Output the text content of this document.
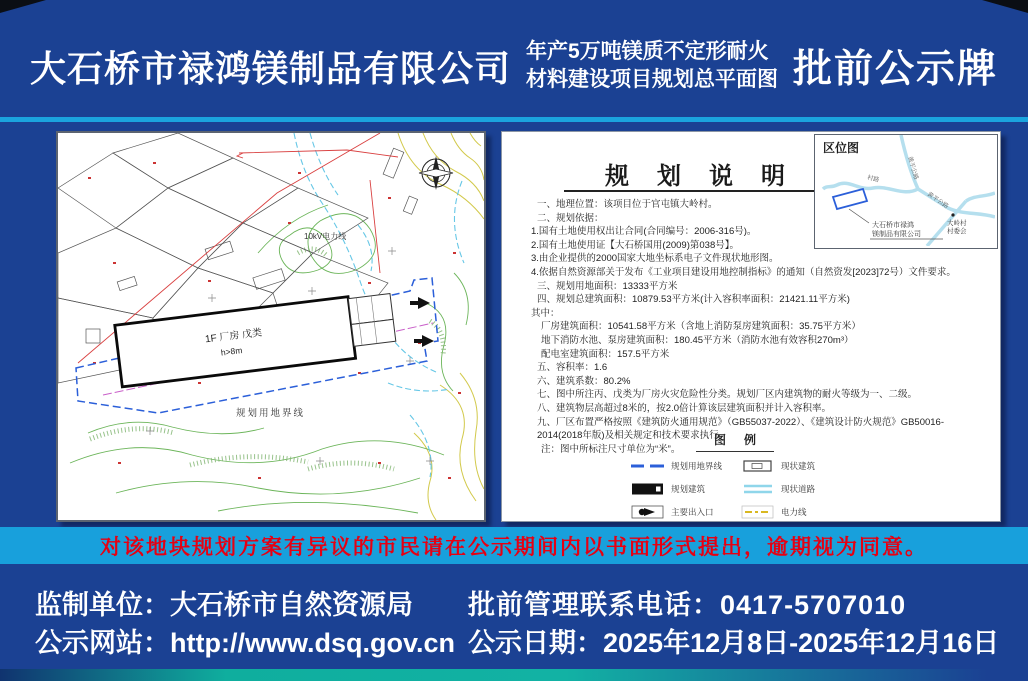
大石桥市禄鸿镁制品有限公司 年产5万吨镁质不定形耐火
材料建设项目规划总平面图 批前公示牌
1F 厂房 戊类
h>8m
10kV电力线
规划用地界线
规划说明
一、地理位置：该项目位于官屯镇大岭村。
二、规划依据：
1.国有土地使用权出让合同(合同编号：2006-316号)。
2.国有土地使用证【大石桥国用(2009)第038号】。
3.由企业提供的2000国家大地坐标系电子文件现状地形图。
4.依据自然资源部关于发布《工业项目建设用地控制指标》的通知（自然资发[2023]72号）文件要求。
三、规划用地面积：13333平方米
四、规划总建筑面积：10879.53平方米(计入容积率面积：21421.11平方米)
其中：
厂房建筑面积：10541.58平方米（含地上消防泵房建筑面积：35.75平方米）
地下消防水池、泵房建筑面积：180.45平方米（消防水池有效容积270m³）
配电室建筑面积：157.5平方米
五、容积率：1.6
六、建筑系数：80.2%
七、图中所注丙、戊类为厂房火灾危险性分类。规划厂区内建筑物的耐火等级为一、二级。
八、建筑物层高超过8米的，按2.0倍计算该层建筑面积并计入容积率。
九、厂区布置严格按照《建筑防火通用规范》（GB55037-2022）、《建筑设计防火规范》GB50016-2014(2018年版)及相关规定和技术要求执行。
注：图中所标注尺寸单位为“米”。
图例
规划用地界线	现状建筑
规划建筑	现状道路
主要出入口	电力线
区位图
黄平公路
村路
黄平公路
大岭村
村委会
大石桥市禄鸿
镁制品有限公司
对该地块规划方案有异议的市民请在公示期间内以书面形式提出，逾期视为同意。
监制单位：大石桥市自然资源局 批前管理联系电话：0417-5707010
公示网站：http://www.dsq.gov.cn 公示日期：2025年12月8日-2025年12月16日
